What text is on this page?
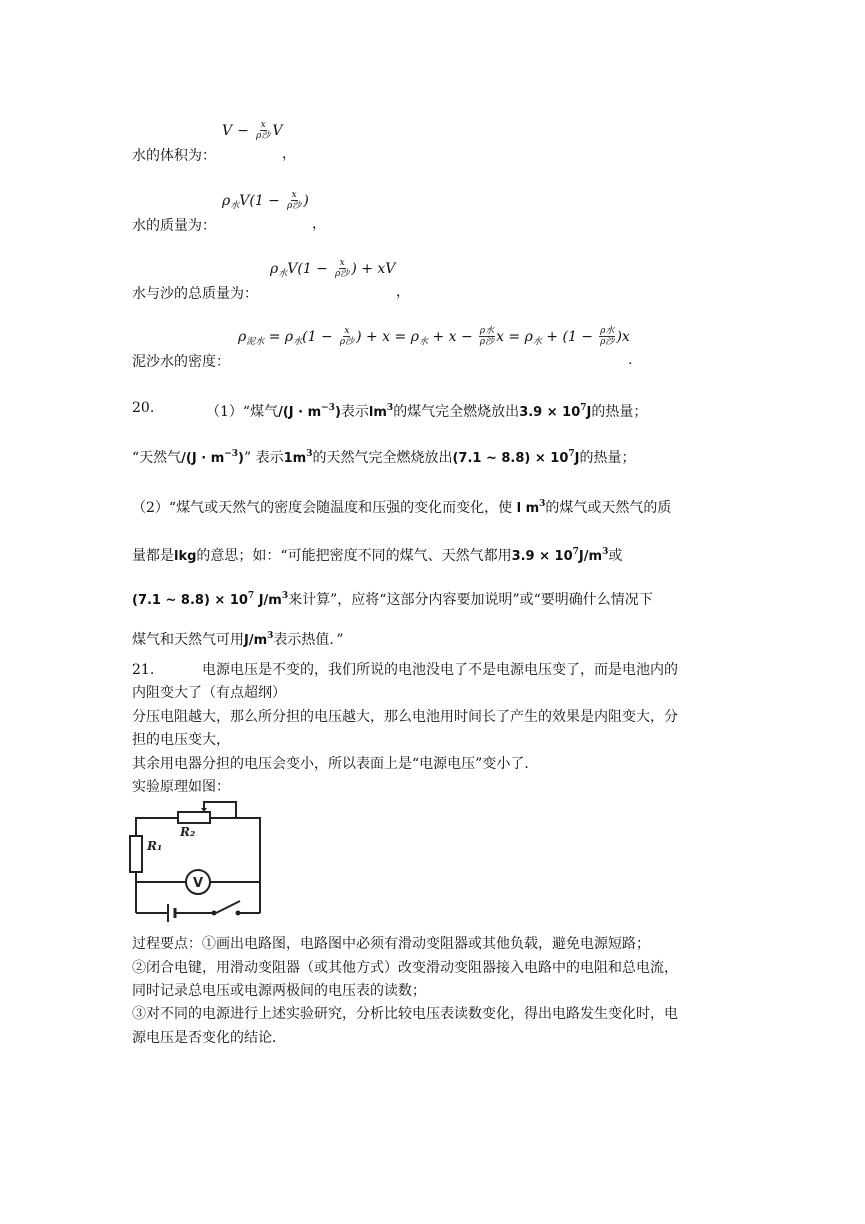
$V - \frac{x}{\text{ρ沙}}$ V
水的体积为：	，
$\rho_水V(1 - \frac{x}{\text{ρ沙}}$ )
水的质量为：	，
$\rho_水V(1 - \frac{x}{\text{ρ沙}}$ ) + xV
水与沙的总质量为：	，
$\rho_{泥水} = \rho_水(1 - \frac{x}{\text{ρ沙}}$ ) + $x = \rho_水 + x - \frac{\text{ρ水}}{\text{ρ沙}}$ $x = \rho_水 + (1 - \frac{\text{ρ水}}{\text{ρ沙}} )x$
泥沙水的密度：	.
20.	（1）“煤气$/(J \cdot m^{-3})$表示$lm^3$的煤气完全燃烧放出$3.9 \times 10^7J$的热量；
“天然气$/(J \cdot m^{-3})$” 表示$1m^3$的天然气完全燃烧放出(7.1 ~ $8.8) \times 10^7J$的热量；
（2）“煤气或天然气的密度会随温度和压强的变化而变化，使 l $m^3$的煤气或天然气的质
量都是lkg的意思；如：“可能把密度不同的煤气、天然气都用$3.9 \times 10^7J/m^3$或
(7.1 ~ $8.8) \times 10^7$ $J/m^3$来计算”，应将“这部分内容要加说明”或“要明确什么情况下
煤气和天然气可用$J/m^3$表示热值．”
21.	电源电压是不变的，我们所说的电池没电了不是电源电压变了，而是电池内的
内阻变大了（有点超纲）
分压电阻越大，那么所分担的电压越大，那么电池用时间长了产生的效果是内阻变大，分
担的电压变大，
其余用电器分担的电压会变小，所以表面上是“电源电压”变小了．
实验原理如图：
R₂
R₁
V
过程要点：①画出电路图，电路图中必须有滑动变阻器或其他负载，避免电源短路；
②闭合电键，用滑动变阻器（或其他方式）改变滑动变阻器接入电路中的电阻和总电流，
同时记录总电压或电源两极间的电压表的读数；
③对不同的电源进行上述实验研究，分析比较电压表读数变化，得出电路发生变化时，电
源电压是否变化的结论．
